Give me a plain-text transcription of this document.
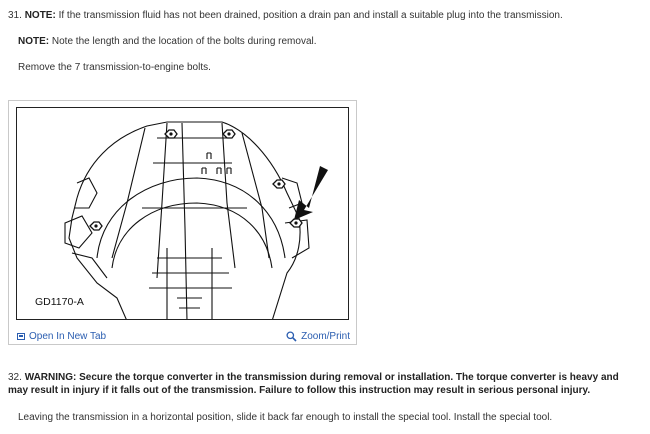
31. NOTE: If the transmission fluid has not been drained, position a drain pan and install a suitable plug into the transmission.
NOTE: Note the length and the location of the bolts during removal.
Remove the 7 transmission-to-engine bolts.
GD1170-A
Open In New Tab	Zoom/Print
32. WARNING: Secure the torque converter in the transmission during removal or installation. The torque converter is heavy and may result in injury if it falls out of the transmission. Failure to follow this instruction may result in serious personal injury.
Leaving the transmission in a horizontal position, slide it back far enough to install the special tool. Install the special tool.
